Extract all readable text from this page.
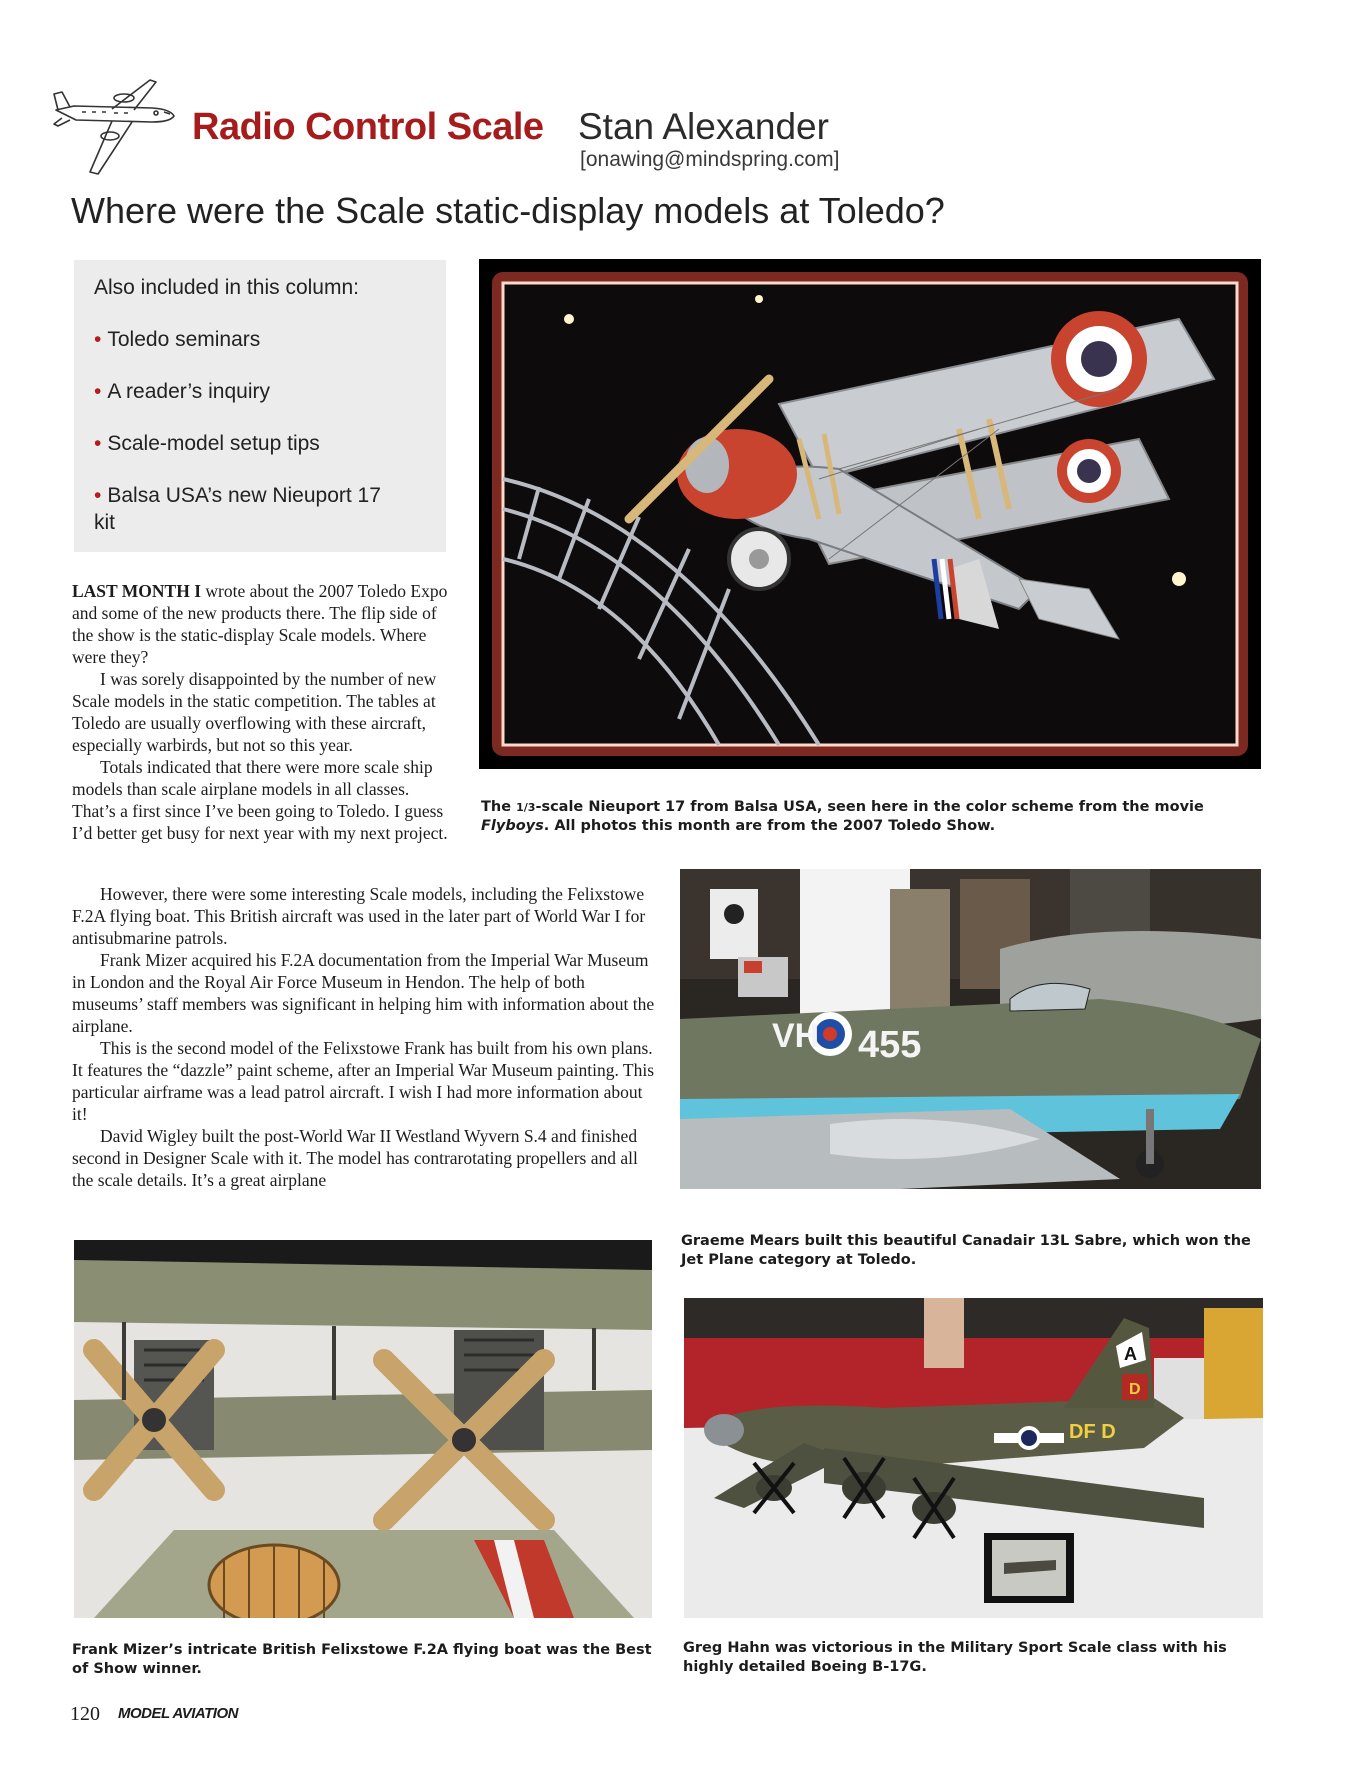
Radio Control Scale Stan Alexander
[onawing@mindspring.com]
Where were the Scale static-display models at Toledo?
Also included in this column:
• Toledo seminars
• A reader’s inquiry
• Scale-model setup tips
• Balsa USA’s new Nieuport 17 kit

LAST MONTH I wrote about the 2007 Toledo Expo and some of the new products there. The flip side of the show is the static-display Scale models. Where were they?

I was sorely disappointed by the number of new Scale models in the static competition. The tables at Toledo are usually overflowing with these aircraft, especially warbirds, but not so this year.

Totals indicated that there were more scale ship models than scale airplane models in all classes. That’s a first since I’ve been going to Toledo. I guess I’d better get busy for next year with my next project.

However, there were some interesting Scale models, including the Felixstowe F.2A flying boat. This British aircraft was used in the later part of World War I for antisubmarine patrols.

Frank Mizer acquired his F.2A documentation from the Imperial War Museum in London and the Royal Air Force Museum in Hendon. The help of both museums’ staff members was significant in helping him with information about the airplane.

This is the second model of the Felixstowe Frank has built from his own plans. It features the “dazzle” paint scheme, after an Imperial War Museum painting. This particular airframe was a lead patrol aircraft. I wish I had more information about it!

David Wigley built the post-World War II Westland Wyvern S.4 and finished second in Designer Scale with it. The model has contrarotating propellers and all the scale details. It’s a great airplane

The 1/3-scale Nieuport 17 from Balsa USA, seen here in the color scheme from the movie Flyboys. All photos this month are from the 2007 Toledo Show.
VH 455
Graeme Mears built this beautiful Canadair 13L Sabre, which won the Jet Plane category at Toledo.
Frank Mizer’s intricate British Felixstowe F.2A flying boat was the Best of Show winner.
A
D
DF D
Greg Hahn was victorious in the Military Sport Scale class with his highly detailed Boeing B-17G.
120 MODEL AVIATION
